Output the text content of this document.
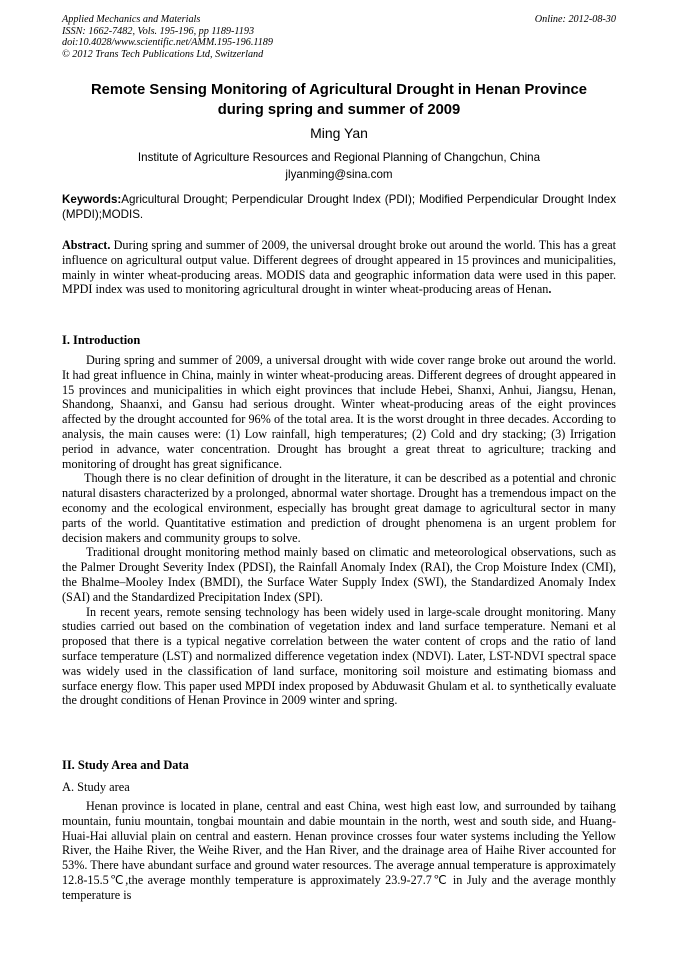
Applied Mechanics and Materials
ISSN: 1662-7482, Vols. 195-196, pp 1189-1193
doi:10.4028/www.scientific.net/AMM.195-196.1189
© 2012 Trans Tech Publications Ltd, Switzerland
Online: 2012-08-30
Remote Sensing Monitoring of Agricultural Drought in Henan Province
during spring and summer of 2009
Ming Yan
Institute of Agriculture Resources and Regional Planning of Changchun, China
jlyanming@sina.com
Keywords:Agricultural Drought; Perpendicular Drought Index (PDI); Modified Perpendicular Drought Index (MPDI);MODIS.

Abstract. During spring and summer of 2009, the universal drought broke out around the world. This has a great influence on agricultural output value. Different degrees of drought appeared in 15 provinces and municipalities, mainly in winter wheat-producing areas. MODIS data and geographic information data were used in this paper. MPDI index was used to monitoring agricultural drought in winter wheat-producing areas of Henan.

I. Introduction

During spring and summer of 2009, a universal drought with wide cover range broke out around the world. It had great influence in China, mainly in winter wheat-producing areas. Different degrees of drought appeared in 15 provinces and municipalities in which eight provinces that include Hebei, Shanxi, Anhui, Jiangsu, Henan, Shandong, Shaanxi, and Gansu had serious drought. Winter wheat-producing areas of the eight provinces affected by the drought accounted for 96% of the total area. It is the worst drought in three decades. According to analysis, the main causes were: (1) Low rainfall, high temperatures; (2) Cold and dry stacking; (3) Irrigation period in advance, water concentration. Drought has brought a great threat to agriculture; tracking and monitoring of drought has great significance.

Though there is no clear definition of drought in the literature, it can be described as a potential and chronic natural disasters characterized by a prolonged, abnormal water shortage. Drought has a tremendous impact on the economy and the ecological environment, especially has brought great damage to agricultural sector in many parts of the world. Quantitative estimation and prediction of drought phenomena is an urgent problem for decision makers and community groups to solve.

Traditional drought monitoring method mainly based on climatic and meteorological observations, such as the Palmer Drought Severity Index (PDSI), the Rainfall Anomaly Index (RAI), the Crop Moisture Index (CMI), the Bhalme–Mooley Index (BMDI), the Surface Water Supply Index (SWI), the Standardized Anomaly Index (SAI) and the Standardized Precipitation Index (SPI).

In recent years, remote sensing technology has been widely used in large-scale drought monitoring. Many studies carried out based on the combination of vegetation index and land surface temperature. Nemani et al proposed that there is a typical negative correlation between the water content of crops and the ratio of land surface temperature (LST) and normalized difference vegetation index (NDVI). Later, LST-NDVI spectral space was widely used in the classification of land surface, monitoring soil moisture and estimating biomass and surface energy flow. This paper used MPDI index proposed by Abduwasit Ghulam et al. to synthetically evaluate the drought conditions of Henan Province in 2009 winter and spring.

II. Study Area and Data
A. Study area

Henan province is located in plane, central and east China, west high east low, and surrounded by taihang mountain, funiu mountain, tongbai mountain and dabie mountain in the north, west and south side, and Huang-Huai-Hai alluvial plain on central and eastern. Henan province crosses four water systems including the Yellow River, the Haihe River, the Weihe River, and the Han River, and the drainage area of Haihe River accounted for 53%. There have abundant surface and ground water resources. The average annual temperature is approximately 12.8-15.5℃,the average monthly temperature is approximately 23.9-27.7℃ in July and the average monthly temperature is
